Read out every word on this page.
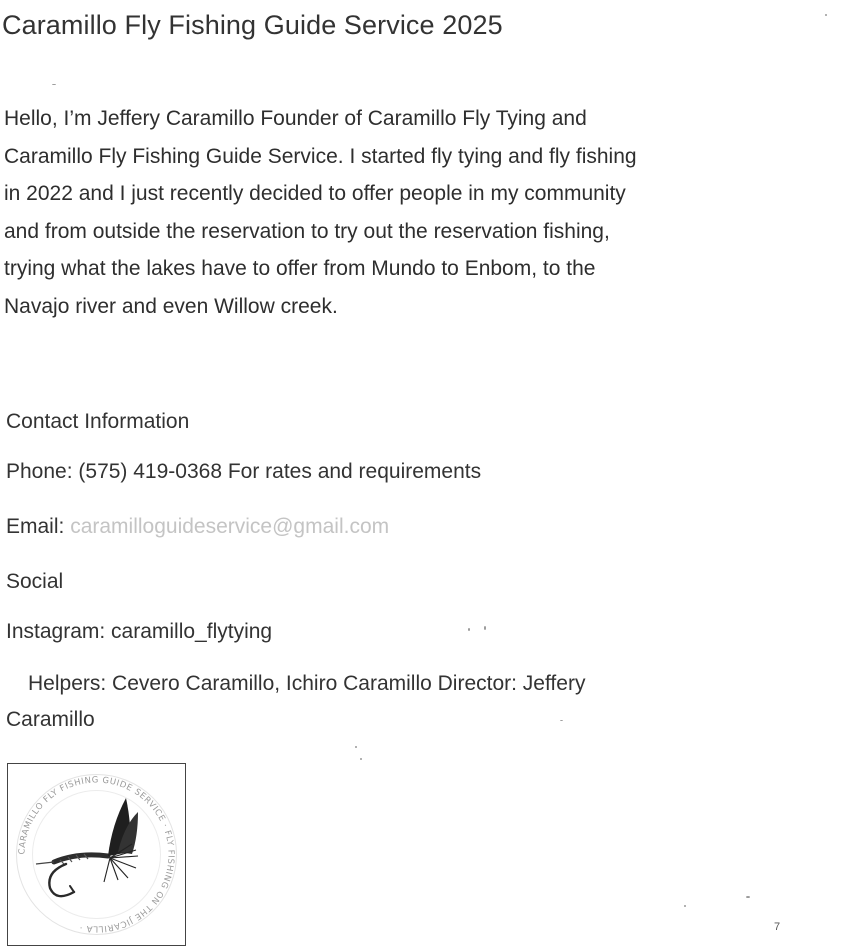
Caramillo Fly Fishing Guide Service 2025
Hello, I’m Jeffery Caramillo Founder of Caramillo Fly Tying and
Caramillo Fly Fishing Guide Service. I started fly tying and fly fishing
in 2022 and I just recently decided to offer people in my community
and from outside the reservation to try out the reservation fishing,
trying what the lakes have to offer from Mundo to Enbom, to the
Navajo river and even Willow creek.
Contact Information
Phone: (575) 419-0368 For rates and requirements
Email: caramilloguideservice@gmail.com
Social
Instagram: caramillo_flytying
Helpers: Cevero Caramillo, Ichiro Caramillo Director: Jeffery
Caramillo
CARAMILLO FLY FISHING GUIDE SERVICE · FLY FISHING ON THE JICARILLA ·	7
